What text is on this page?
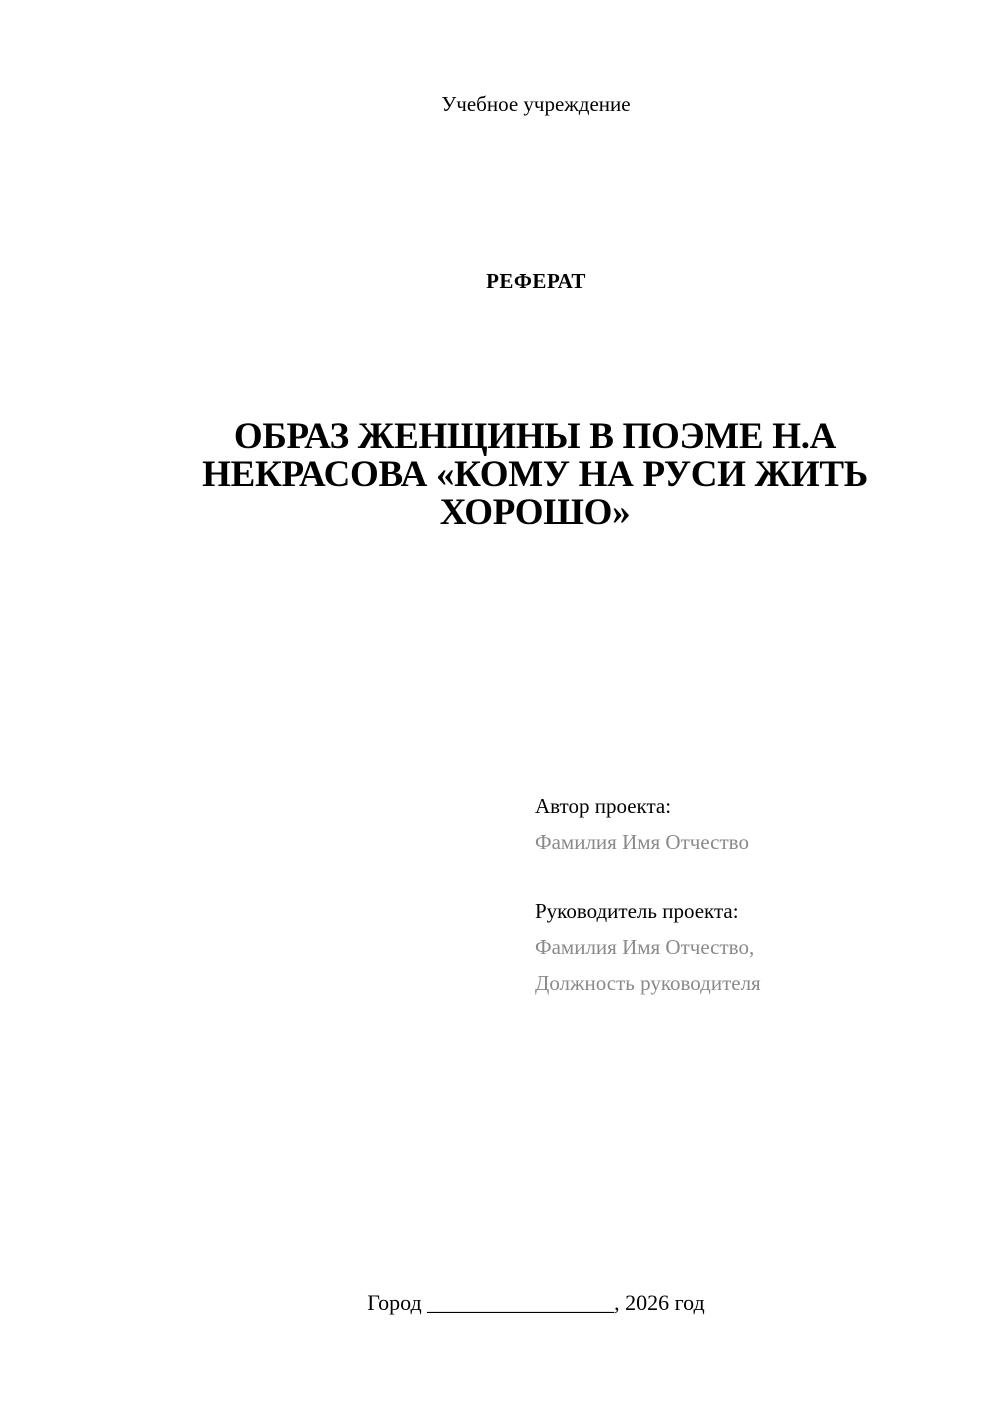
Учебное учреждение
РЕФЕРАТ
ОБРАЗ ЖЕНЩИНЫ В ПОЭМЕ Н.А
НЕКРАСОВА «КОМУ НА РУСИ ЖИТЬ
ХОРОШО»
Автор проекта:
Фамилия Имя Отчество
Руководитель проекта:
Фамилия Имя Отчество,
Должность руководителя
Город _________________, 2026 год
